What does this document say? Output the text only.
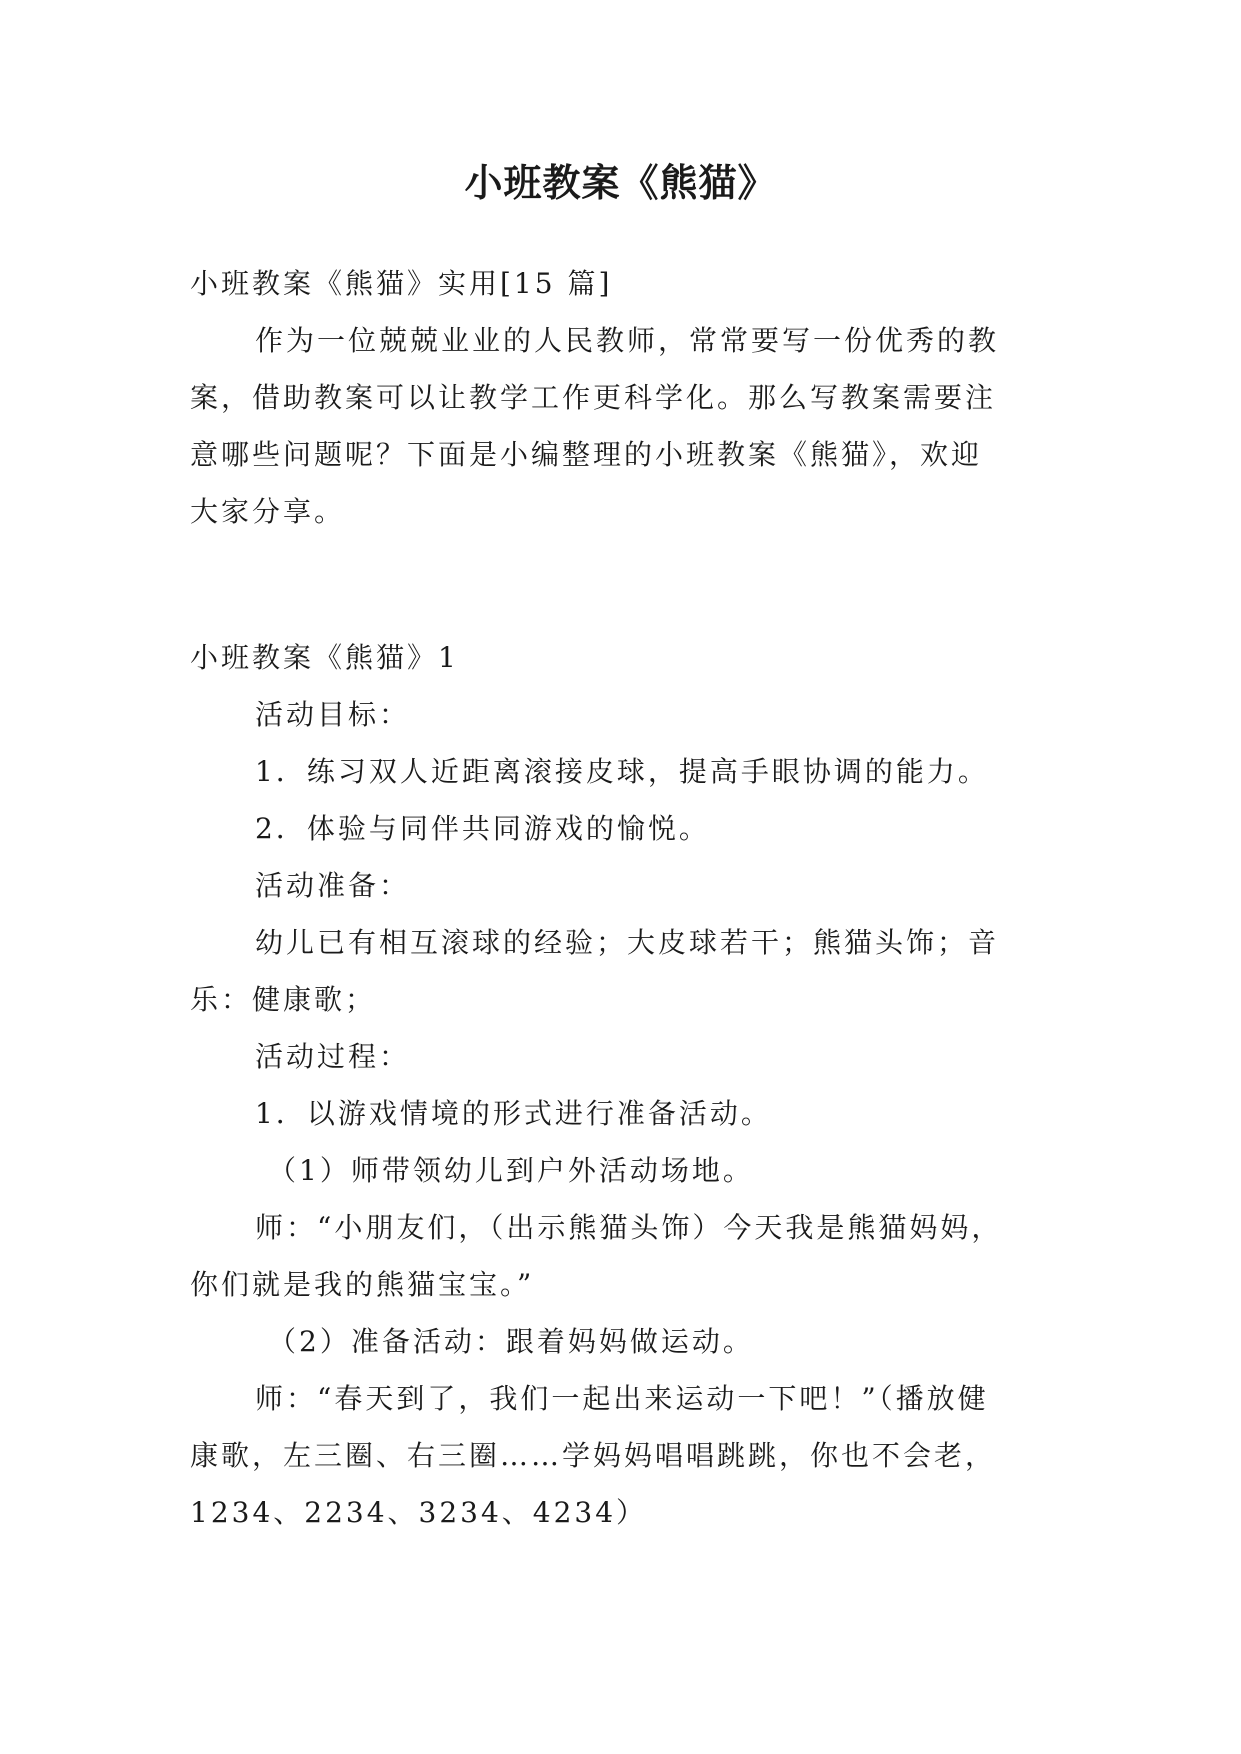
小班教案《熊猫》
小班教案《熊猫》实用[15 篇]
作为一位兢兢业业的人民教师，常常要写一份优秀的教
案，借助教案可以让教学工作更科学化。那么写教案需要注
意哪些问题呢？下面是小编整理的小班教案《熊猫》，欢迎
大家分享。
小班教案《熊猫》1
活动目标：
1．练习双人近距离滚接皮球，提高手眼协调的能力。
2．体验与同伴共同游戏的愉悦。
活动准备：
幼儿已有相互滚球的经验；大皮球若干；熊猫头饰；音
乐：健康歌；
活动过程：
1．以游戏情境的形式进行准备活动。
（1）师带领幼儿到户外活动场地。
师：“小朋友们，（出示熊猫头饰）今天我是熊猫妈妈，
你们就是我的熊猫宝宝。”
（2）准备活动：跟着妈妈做运动。
师：“春天到了，我们一起出来运动一下吧！”（播放健
康歌，左三圈、右三圈……学妈妈唱唱跳跳，你也不会老，
1234、2234、3234、4234）
